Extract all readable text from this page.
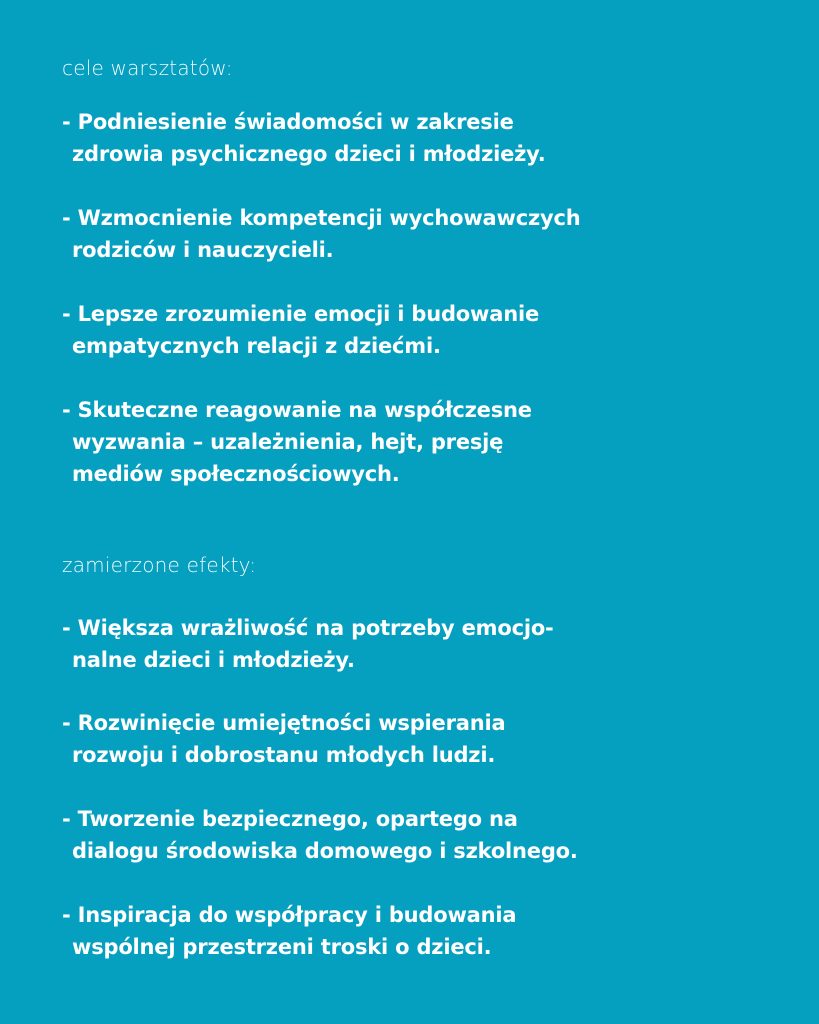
cele warsztatów:

- Podniesienie świadomości w zakresie
zdrowia psychicznego dzieci i młodzieży.

- Wzmocnienie kompetencji wychowawczych
rodziców i nauczycieli.

- Lepsze zrozumienie emocji i budowanie
empatycznych relacji z dziećmi.

- Skuteczne reagowanie na współczesne
wyzwania – uzależnienia, hejt, presję
mediów społecznościowych.

zamierzone efekty:

- Większa wrażliwość na potrzeby emocjo-
nalne dzieci i młodzieży.

- Rozwinięcie umiejętności wspierania
rozwoju i dobrostanu młodych ludzi.

- Tworzenie bezpiecznego, opartego na
dialogu środowiska domowego i szkolnego.

- Inspiracja do współpracy i budowania
wspólnej przestrzeni troski o dzieci.
